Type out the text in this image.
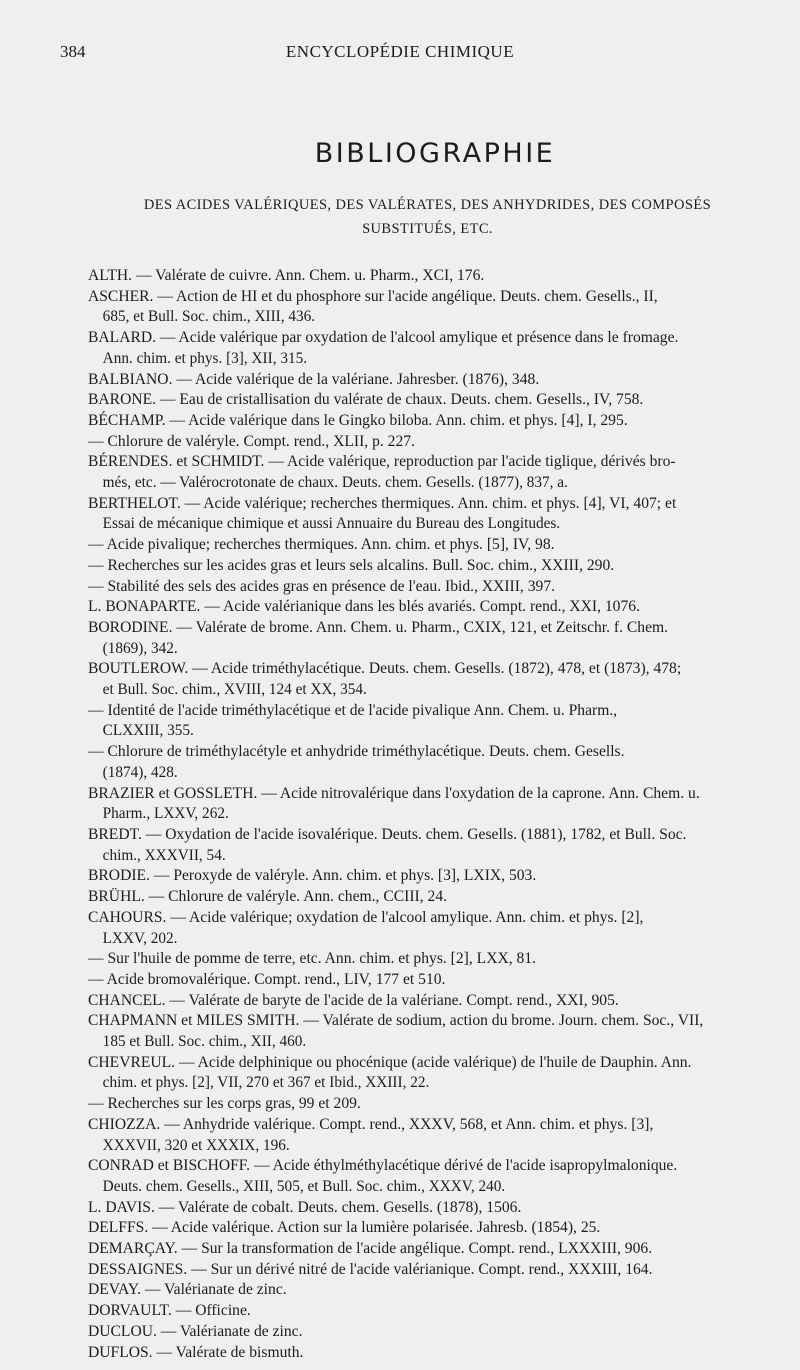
384	ENCYCLOPÉDIE CHIMIQUE
BIBLIOGRAPHIE
DES ACIDES VALÉRIQUES, DES VALÉRATES, DES ANHYDRIDES, DES COMPOSÉS
SUBSTITUÉS, ETC.
ALTH. — Valérate de cuivre. Ann. Chem. u. Pharm., XCI, 176.
ASCHER. — Action de HI et du phosphore sur l'acide angélique. Deuts. chem. Gesells., II,
685, et Bull. Soc. chim., XIII, 436.
BALARD. — Acide valérique par oxydation de l'alcool amylique et présence dans le fromage.
Ann. chim. et phys. [3], XII, 315.
BALBIANO. — Acide valérique de la valériane. Jahresber. (1876), 348.
BARONE. — Eau de cristallisation du valérate de chaux. Deuts. chem. Gesells., IV, 758.
BÉCHAMP. — Acide valérique dans le Gingko biloba. Ann. chim. et phys. [4], I, 295.
— Chlorure de valéryle. Compt. rend., XLII, p. 227.
BÉRENDES. et SCHMIDT. — Acide valérique, reproduction par l'acide tiglique, dérivés bro-
més, etc. — Valérocrotonate de chaux. Deuts. chem. Gesells. (1877), 837, a.
BERTHELOT. — Acide valérique; recherches thermiques. Ann. chim. et phys. [4], VI, 407; et
Essai de mécanique chimique et aussi Annuaire du Bureau des Longitudes.
— Acide pivalique; recherches thermiques. Ann. chim. et phys. [5], IV, 98.
— Recherches sur les acides gras et leurs sels alcalins. Bull. Soc. chim., XXIII, 290.
— Stabilité des sels des acides gras en présence de l'eau. Ibid., XXIII, 397.
L. BONAPARTE. — Acide valérianique dans les blés avariés. Compt. rend., XXI, 1076.
BORODINE. — Valérate de brome. Ann. Chem. u. Pharm., CXIX, 121, et Zeitschr. f. Chem.
(1869), 342.
BOUTLEROW. — Acide triméthylacétique. Deuts. chem. Gesells. (1872), 478, et (1873), 478;
et Bull. Soc. chim., XVIII, 124 et XX, 354.
— Identité de l'acide triméthylacétique et de l'acide pivalique Ann. Chem. u. Pharm.,
CLXXIII, 355.
— Chlorure de triméthylacétyle et anhydride triméthylacétique. Deuts. chem. Gesells.
(1874), 428.
BRAZIER et GOSSLETH. — Acide nitrovalérique dans l'oxydation de la caprone. Ann. Chem. u.
Pharm., LXXV, 262.
BREDT. — Oxydation de l'acide isovalérique. Deuts. chem. Gesells. (1881), 1782, et Bull. Soc.
chim., XXXVII, 54.
BRODIE. — Peroxyde de valéryle. Ann. chim. et phys. [3], LXIX, 503.
BRÜHL. — Chlorure de valéryle. Ann. chem., CCIII, 24.
CAHOURS. — Acide valérique; oxydation de l'alcool amylique. Ann. chim. et phys. [2],
LXXV, 202.
— Sur l'huile de pomme de terre, etc. Ann. chim. et phys. [2], LXX, 81.
— Acide bromovalérique. Compt. rend., LIV, 177 et 510.
CHANCEL. — Valérate de baryte de l'acide de la valériane. Compt. rend., XXI, 905.
CHAPMANN et MILES SMITH. — Valérate de sodium, action du brome. Journ. chem. Soc., VII,
185 et Bull. Soc. chim., XII, 460.
CHEVREUL. — Acide delphinique ou phocénique (acide valérique) de l'huile de Dauphin. Ann.
chim. et phys. [2], VII, 270 et 367 et Ibid., XXIII, 22.
— Recherches sur les corps gras, 99 et 209.
CHIOZZA. — Anhydride valérique. Compt. rend., XXXV, 568, et Ann. chim. et phys. [3],
XXXVII, 320 et XXXIX, 196.
CONRAD et BISCHOFF. — Acide éthylméthylacétique dérivé de l'acide isapropylmalonique.
Deuts. chem. Gesells., XIII, 505, et Bull. Soc. chim., XXXV, 240.
L. DAVIS. — Valérate de cobalt. Deuts. chem. Gesells. (1878), 1506.
DELFFS. — Acide valérique. Action sur la lumière polarisée. Jahresb. (1854), 25.
DEMARÇAY. — Sur la transformation de l'acide angélique. Compt. rend., LXXXIII, 906.
DESSAIGNES. — Sur un dérivé nitré de l'acide valérianique. Compt. rend., XXXIII, 164.
DEVAY. — Valérianate de zinc.
DORVAULT. — Officine.
DUCLOU. — Valérianate de zinc.
DUFLOS. — Valérate de bismuth.
